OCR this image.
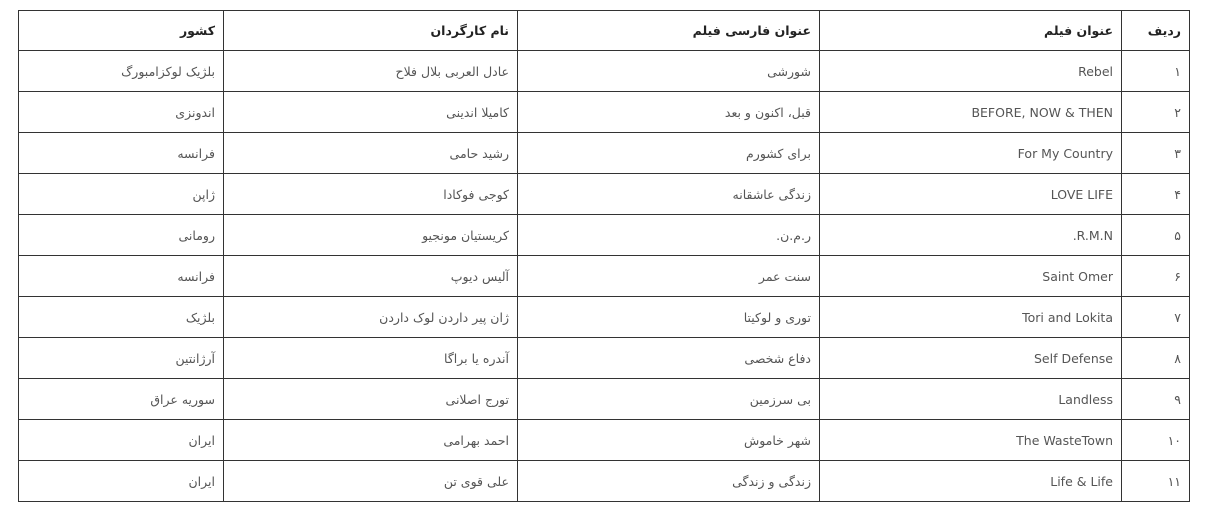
ردیف	عنوان فیلم	عنوان فارسی فیلم	نام کارگردان	کشور
۱	Rebel	شورشی	عادل العربی بلال فلاح	بلژیک لوکزامبورگ
۲	BEFORE, NOW & THEN	قبل، اکنون و بعد	کامیلا اندینی	اندونزی
۳	For My Country	برای کشورم	رشید حامی	فرانسه
۴	LOVE LIFE	زندگی عاشقانه	کوجی فوکادا	ژاپن
۵	R.M.N.	ر.م.ن.	کریستیان مونجیو	رومانی
۶	Saint Omer	سنت عمر	آلیس دیوپ	فرانسه
۷	Tori and Lokita	توری و لوکیتا	ژان پیر داردن لوک داردن	بلژیک
۸	Self Defense	دفاع شخصی	آندره یا براگا	آرژانتین
۹	Landless	بی سرزمین	تورج اصلانی	سوریه عراق
۱۰	The WasteTown	شهر خاموش	احمد بهرامی	ایران
۱۱	Life & Life	زندگی و زندگی	علی قوی تن	ایران
